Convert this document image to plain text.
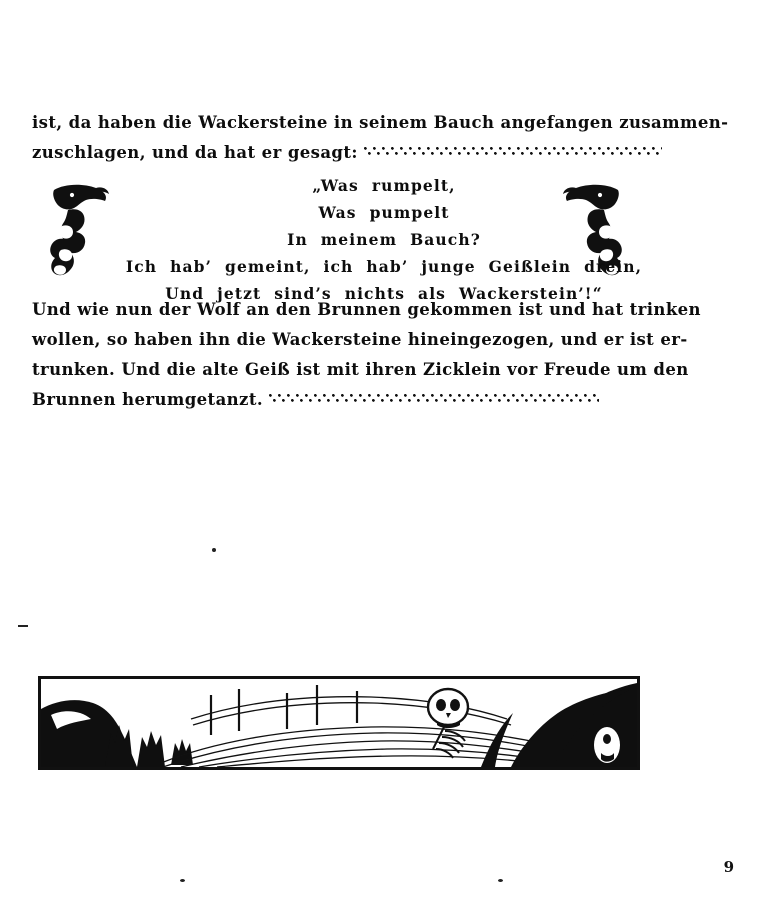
ist, da haben die Wackersteine in seinem Bauch angefangen zusammen-
zuschlagen, und da hat er gesagt:
„Was  rumpelt,
Was  pumpelt
In  meinem  Bauch?
Ich  hab’  gemeint,  ich  hab’  junge  Geißlein  drein,
Und  jetzt  sind’s  nichts  als  Wackerstein’!“
Und wie nun der Wolf an den Brunnen gekommen ist und hat trinken
wollen, so haben ihn die Wackersteine hineingezogen, und er ist er-
trunken. Und die alte Geiß ist mit ihren Zicklein vor Freude um den
Brunnen herumgetanzt.
9
